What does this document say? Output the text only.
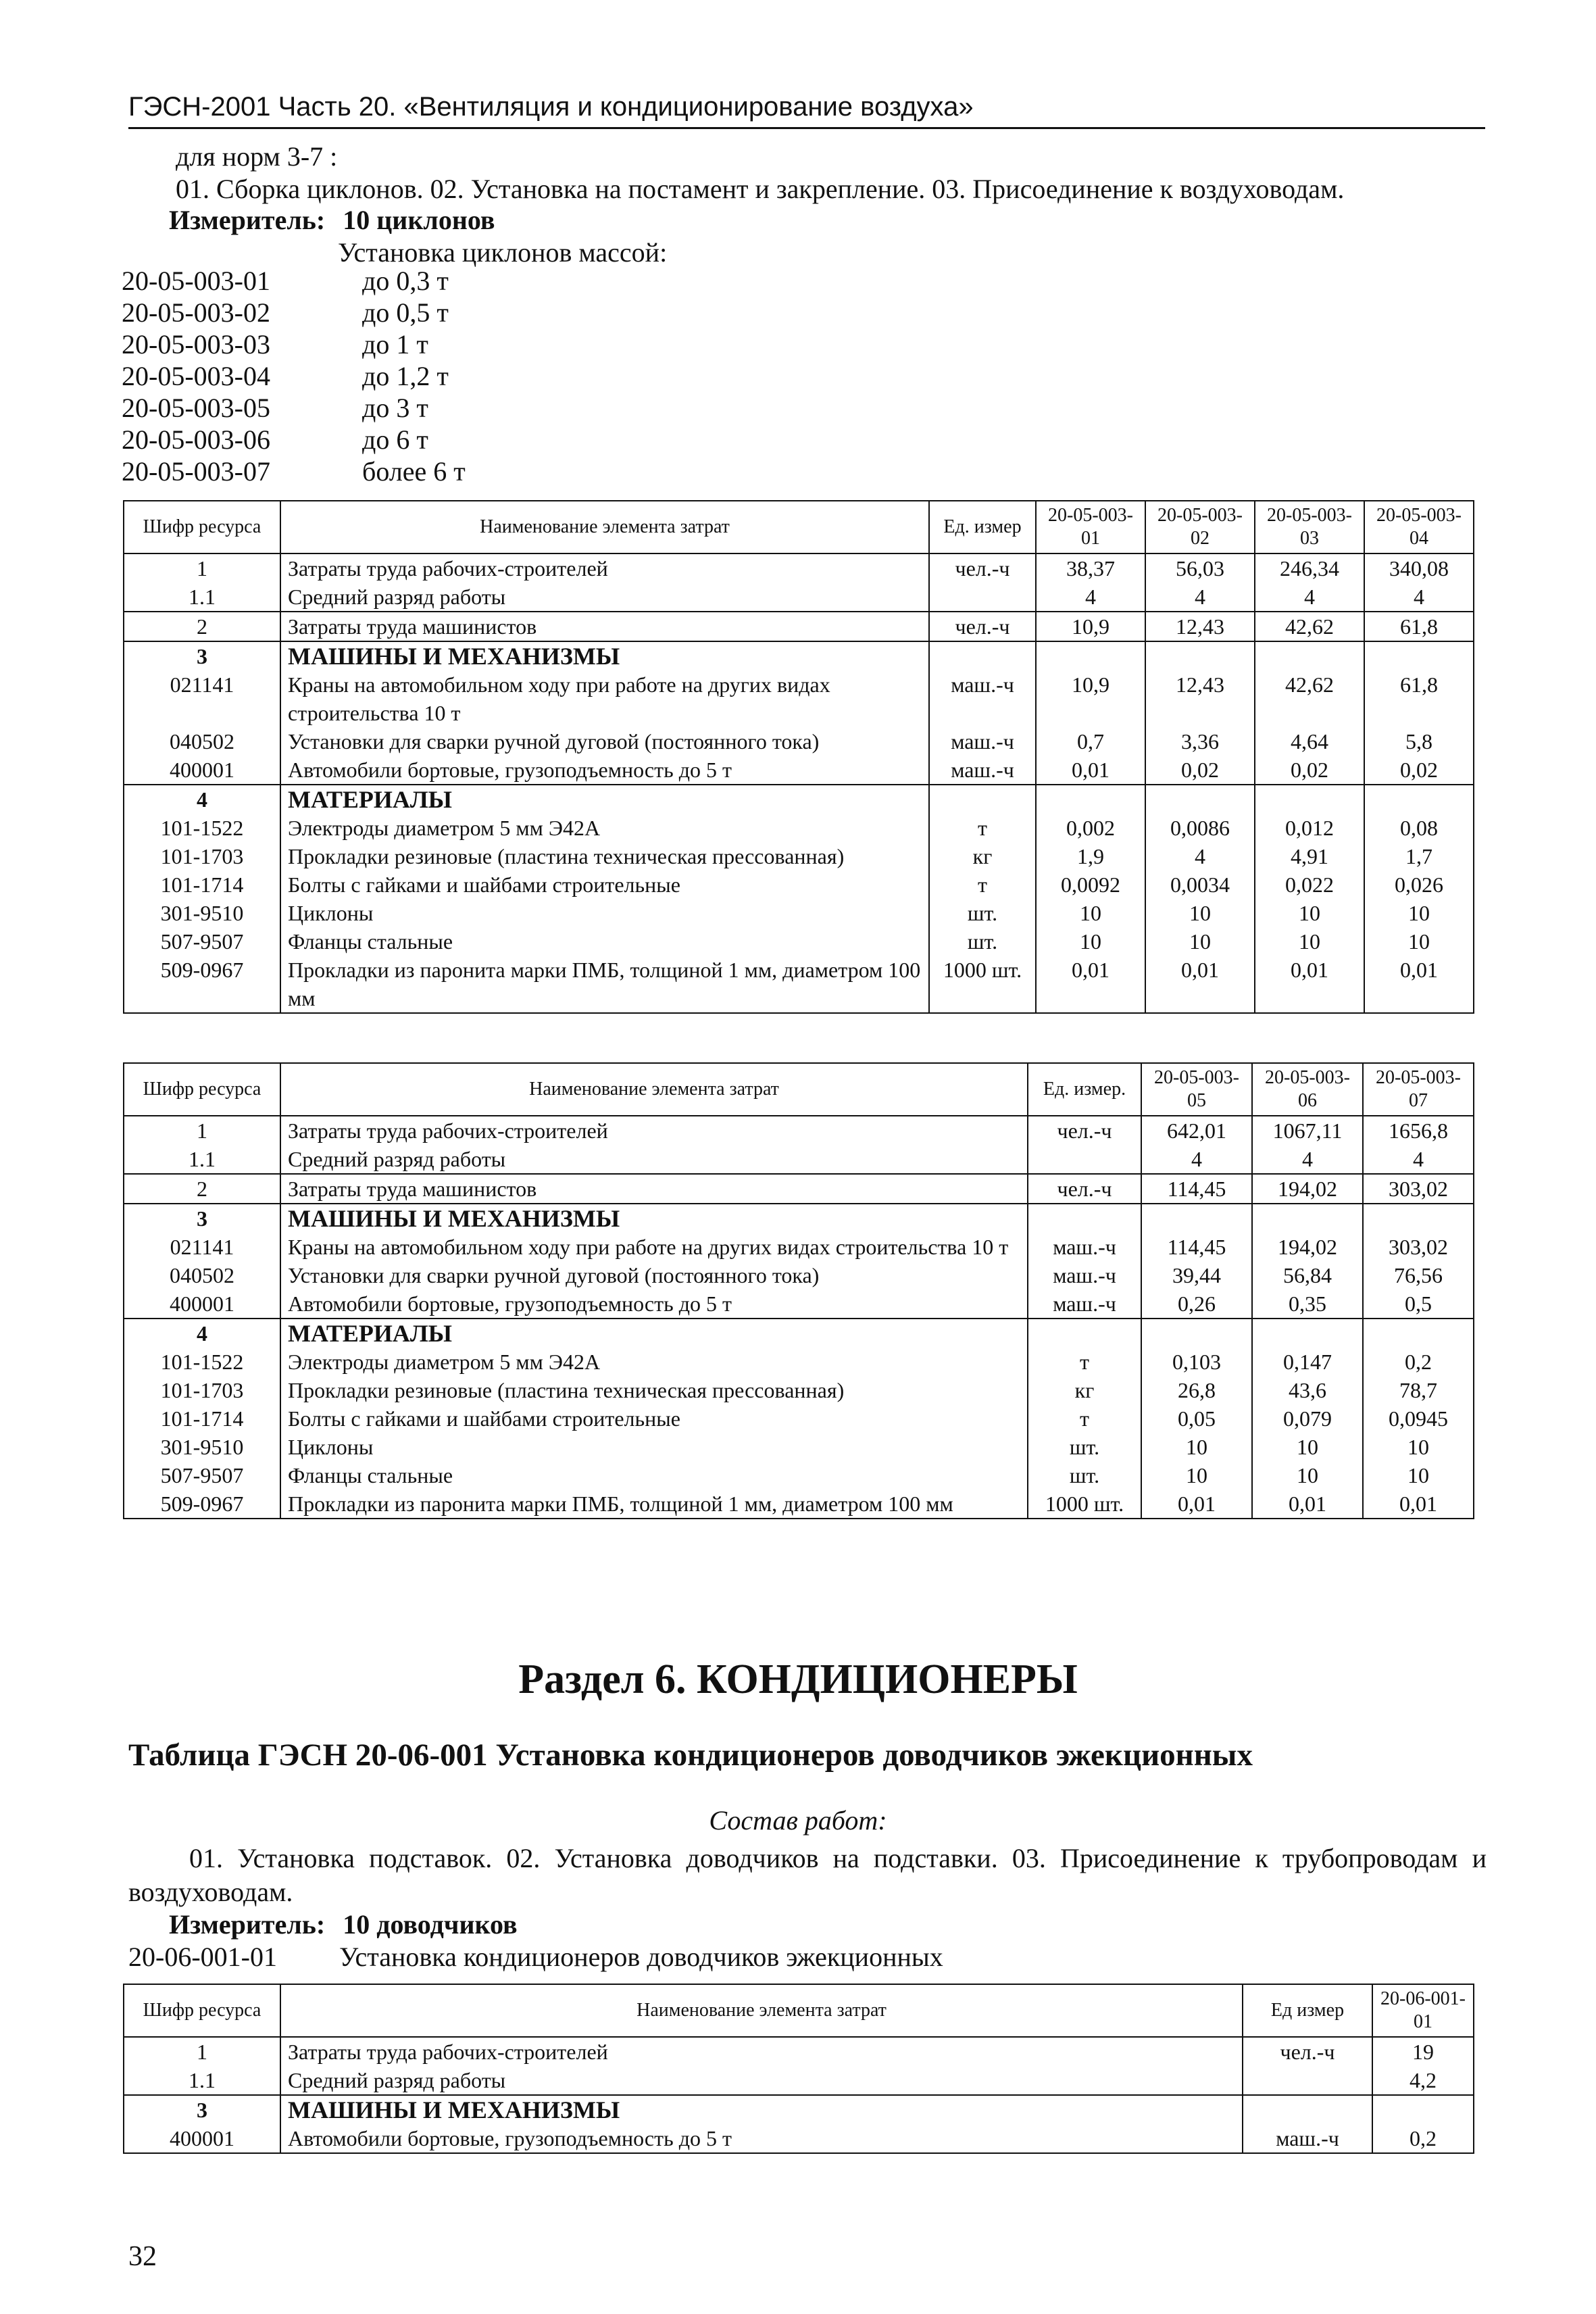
ГЭСН-2001 Часть 20. «Вентиляция и кондиционирование воздуха»
для норм 3-7 :
01. Сборка циклонов. 02. Установка на постамент и закрепление. 03. Присоединение к воздуховодам.
Измеритель: 10 циклонов
Установка циклонов массой:
20-05-003-01	до 0,3 т
20-05-003-02	до 0,5 т
20-05-003-03	до 1 т
20-05-003-04	до 1,2 т
20-05-003-05	до 3 т
20-05-003-06	до 6 т
20-05-003-07	более 6 т
Шифр ресурса	Наименование элемента затрат	Ед. измер	20-05-003-01	20-05-003-02	20-05-003-03	20-05-003-04
1	Затраты труда рабочих-строителей	чел.-ч	38,37	56,03	246,34	340,08
1.1	Средний разряд работы		4	4	4	4
2	Затраты труда машинистов	чел.-ч	10,9	12,43	42,62	61,8
3	МАШИНЫ И МЕХАНИЗМЫ					
021141	Краны на автомобильном ходу при работе на других видах строительства 10 т	маш.-ч	10,9	12,43	42,62	61,8
040502	Установки для сварки ручной дуговой (постоянного тока)	маш.-ч	0,7	3,36	4,64	5,8
400001	Автомобили бортовые, грузоподъемность до 5 т	маш.-ч	0,01	0,02	0,02	0,02
4	МАТЕРИАЛЫ					
101-1522	Электроды диаметром 5 мм Э42А	т	0,002	0,0086	0,012	0,08
101-1703	Прокладки резиновые (пластина техническая прессованная)	кг	1,9	4	4,91	1,7
101-1714	Болты с гайками и шайбами строительные	т	0,0092	0,0034	0,022	0,026
301-9510	Циклоны	шт.	10	10	10	10
507-9507	Фланцы стальные	шт.	10	10	10	10
509-0967	Прокладки из паронита марки ПМБ, толщиной 1 мм, диаметром 100 мм	1000 шт.	0,01	0,01	0,01	0,01
Шифр ресурса	Наименование элемента затрат	Ед. измер.	20-05-003-05	20-05-003-06	20-05-003-07
1	Затраты труда рабочих-строителей	чел.-ч	642,01	1067,11	1656,8
1.1	Средний разряд работы		4	4	4
2	Затраты труда машинистов	чел.-ч	114,45	194,02	303,02
3	МАШИНЫ И МЕХАНИЗМЫ				
021141	Краны на автомобильном ходу при работе на других видах строительства 10 т	маш.-ч	114,45	194,02	303,02
040502	Установки для сварки ручной дуговой (постоянного тока)	маш.-ч	39,44	56,84	76,56
400001	Автомобили бортовые, грузоподъемность до 5 т	маш.-ч	0,26	0,35	0,5
4	МАТЕРИАЛЫ				
101-1522	Электроды диаметром 5 мм Э42А	т	0,103	0,147	0,2
101-1703	Прокладки резиновые (пластина техническая прессованная)	кг	26,8	43,6	78,7
101-1714	Болты с гайками и шайбами строительные	т	0,05	0,079	0,0945
301-9510	Циклоны	шт.	10	10	10
507-9507	Фланцы стальные	шт.	10	10	10
509-0967	Прокладки из паронита марки ПМБ, толщиной 1 мм, диаметром 100 мм	1000 шт.	0,01	0,01	0,01
Раздел 6. КОНДИЦИОНЕРЫ
Таблица ГЭСН 20-06-001 Установка кондиционеров доводчиков эжекционных
Состав работ:
01. Установка подставок. 02. Установка доводчиков на подставки. 03. Присоединение к трубопроводам и воздуховодам.
Измеритель: 10 доводчиков
20-06-001-01 Установка кондиционеров доводчиков эжекционных
Шифр ресурса	Наименование элемента затрат	Ед измер	20-06-001-01
1	Затраты труда рабочих-строителей	чел.-ч	19
1.1	Средний разряд работы		4,2
3	МАШИНЫ И МЕХАНИЗМЫ		
400001	Автомобили бортовые, грузоподъемность до 5 т	маш.-ч	0,2
32
